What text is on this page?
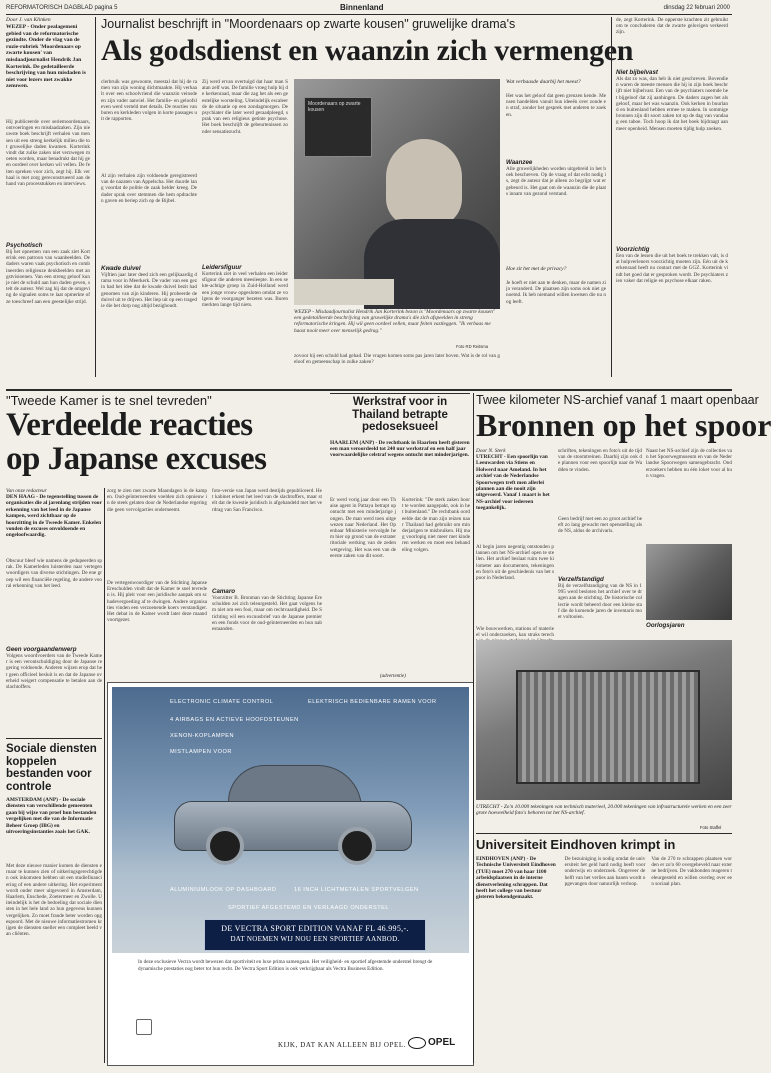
REFORMATORISCH DAGBLAD pagina 5	Binnenland	dinsdag 22 februari 2000
Door J. van Klinken
WEZEP - Onder pealagemeni gebied van de reformatorische gezindte. Onder de vlag van de ruzie-rubriek 'Moordenaars op zwarte kousen' van misdaadjournalist Hendrik Jan Korterink. De gedetailleerde beschrijving van hun misdaden is niet voor lezers met zwakke zenuwen.
Hij publiceerde over seriemoordenaars, ontvoeringen en misdaadzaken. Zijn nieuwste boek beschrijft verhalen van mensen uit een streng kerkelijk milieu die tot gruwelijke daden kwamen. Korterink vindt dat zulke zaken niet verzwegen moeten worden, maar benadrukt dat hij geen oordeel over kerken wil vellen. De feiten spreken voor zich, zegt hij. Elk verhaal is met zorg gereconstrueerd aan de hand van processtukken en interviews.
Psychotisch
Bij het opnemen van een zaak ziet Korterink een patroon van waanbeelden. De daders waren vaak psychotisch en combineerden religieuze denkbeelden met angstvisioenen. Van een streng geloof kun je niet de schuld aan hun daden geven, stelt de auteur. Wel zag hij dat de omgeving de signalen soms te laat opmerkte of ze toeschreef aan een geestelijke strijd.
Journalist beschrijft in "Moordenaars op zwarte kousen" gruwelijke drama's
Als godsdienst en waanzin zich vermengen
clerbruik was gewoonte, meestal dat hij de ramen van zijn woning dichtmaakte. Hij verhaalt over een schoolvriend die waanzin veinsde en zijn vader aanviel. Het familie- en geloofsleven werd verteld met details. De reacties van buren en kerkleden volgen in korte passages uit de rapporten.
Al zijn verhalen zijn voldoende geregistreerd van de nazaten van Appelscha. Het duurde lang voordat de politie de zaak helder kreeg. De dader sprak over stemmen die hem opdrachten gaven en beriep zich op de Bijbel.
Kwade duivel
Vijftien jaar later deed zich een gelijkaardig drama voor in Meerkerk. De vader van een gezin had het idee dat de kwade duivel bezit had genomen van zijn kinderen. Hij probeerde de duivel uit te drijven. Het liep uit op een tragedie die het dorp nog altijd bezighoudt.
Zij werd ervan overtuigd dat haar man Satan zelf was. De familie vroeg hulp bij de kerkenraad, maar die zag het als een geestelijke worsteling. Uiteindelijk escaleerde de situatie op een zondagmorgen. De psychiater die later werd geraadpleegd, sprak van een religieus getinte psychose. Het boek beschrijft de gebeurtenissen zonder sensatiezucht.
Leidersfiguur
Korterink ziet in veel verhalen een leidersfiguur die anderen meesleepte. In een sekte-achtige groep in Zuid-Holland werd een jonge vrouw opgesloten omdat ze volgens de voorganger bezeten was. Buren merkten lange tijd niets.
Moordenaars op zwarte kousen
WEZEP - Misdaadjournalist Hendrik Jan Korterink bezon is "Moordenaars op zwarte kousen" een gedetailleerde beschrijving van gruwelijke drama's die zich afspeelden in streng reformatorische kringen. Hij wil geen oordeel vellen, maar feiten vastleggen. "Ik verbaas me haast nooit meer over menselijk gedrag."
Foto RD Reitsma
zovoor hij een schuld had gehad. Die vragen komen soms pas jaren later boven. Wat is de rol van geloof en gemeenschap in zulke zaken?
Wat verbaasde daarbij het meest?
Het was het geloof dat geen grenzen kende. Mensen handelden vanuit hun ideeën over zonde en straf, zonder het gesprek met anderen te zoeken.
Waanzee
Alle gruwelijkheden worden uitgebreid in het boek beschreven. Op de vraag of dat echt nodig is, zegt de auteur dat je alleen zo begrijpt wat er gebeurd is. Het gaat om de waanzin die de plaats innam van gezond verstand.
Hoe zit het met de privacy?
Je hoeft er niet aan te denken, maar de namen zijn veranderd. De plaatsen zijn soms ook niet genoemd. Ik heb niemand willen kwetsen die nu nog leeft.
de, zegt Korterink. De opperste krachten zit gebruikt om te concluderen dat de zwarte gelovigen verkeerd zijn.
Niet bijbelvast
Als dat zo was, dan heb ik niet geschreven. Bovendien waren de meeste mensen die hij in zijn boek beschrijft niet bijbelvast. Een van de psychiaters noemde het bijgeloof dat zij aanhingen. De daders zagen het als geloof, maar het was waanzin. Ook kerken in buurland en buitenland hebben ermee te maken. In sommige bronnen zijn dit soort zaken tot op de dag van vandaag een taboe. Toch hoop ik dat het boek bijdraagt aan meer openheid. Mensen moeten tijdig hulp zoeken.
Voorzichtig
Een van de lessen die uit het boek te trekken valt, is dat hulpverleners voorzichtig moeten zijn. Eén uit de kerkenraad heeft nu contact met de GGZ. Korterink vindt het goed dat er gesproken wordt. De psychiaters zien vaker dat religie en psychose elkaar raken.
"Tweede Kamer is te snel tevreden"
Verdeelde reacties
op Japanse excuses
Van onze redacteur
DEN HAAG - De tegenstelling tussen de organisaties die al jarenlang strijden voor erkenning van het leed in de Japanse kampen, werd zichtbaar op de hoorzitting in de Tweede Kamer. Enkelen vonden de excuses onvoldoende en ongeloofwaardig.
Obscuur bleef wie namens de gedupeerden sprak. De Kamerleden luisterden naar vertegenwoordigers van diverse stichtingen. De ene groep wil een financiële regeling, de andere vooral erkenning van het leed.
Geen voorgaandenwerp
Volgens woordvoerders van de Tweede Kamer is een verontschuldiging door de Japanse regering voldoende. Anderen wijzen erop dat het geen officieel besluit is en dat de Japanse overheid weigert compensatie te betalen aan de slachtoffers.
zorg te zien met zwarte Maandagen in de kampen. Oud-geïnterneerden voelden zich opnieuw in de steek gelaten door de Nederlandse regering die geen vervolgacties onderneemt.
De vertegenwoordiger van de Stichting Japanse Ereschulden vindt dat de Kamer te snel tevreden is. Hij pleit voor een juridische aanpak om schadevergoeding af te dwingen. Andere organisaties vinden een verzoenende koers verstandiger. Het debat in de Kamer wordt later deze maand voortgezet.
foto-versie van Japan werd destijds gepubliceerd. Het kabinet erkent het leed van de slachtoffers, maar stelt dat de kwestie juridisch is afgehandeld met het verdrag van San Francisco.
Camaro
Voorzitter B. Bronman van de Stichting Japanse Ereschulden zei zich teleurgesteld. Het gaat volgens hem niet om een fooi, maar om rechtvaardigheid. De Stichting wil een excuusbrief van de Japanse premier en een fonds voor de oud-geïnterneerden en hun nabestaanden.
Werkstraf voor in Thailand betrapte pedoseksueel
HAARLEM (ANP) - De rechtbank in Haarlem heeft gisteren een man veroordeeld tot 240 uur werkstraf en een half jaar voorwaardelijke celstraf wegens ontucht met minderjarigen.
Er werd vorig jaar door een Thaise agent in Pattaya betrapt op ontucht met een minderjarige jongen. De man werd toen uitgewezen naar Nederland. Het Openbaar Ministerie vervolgde hem hier op grond van de extraterritoriale werking van de zedenwetgeving. Het was een van de eerste zaken van dit soort.
Korterink: "De sterk zaken hoort te worden aangepakt, ook in het buitenland." De rechtbank oordeelde dat de man zijn reizen naar Thailand had gebruikt om minderjarigen te misbruiken. Hij mag voorlopig niet meer met kinderen werken en moet een behandeling volgen.
Twee kilometer NS-archief vanaf 1 maart openbaar
Bronnen op het spoor
Door N. Sterk
UTRECHT - Een spoorlijn van Leeuwarden via Stiens en Holwerd naar Ameland. In het archief van de Nederlandse Spoorwegen treft men allerlei plannen aan die nooit zijn uitgevoerd. Vanaf 1 maart is het NS-archief voor iedereen toegankelijk.
Al begin jaren negentig ontstonden plannen om het NS-archief open te stellen. Het archief beslaat ruim twee kilometer aan documenten, tekeningen en foto's uit de geschiedenis van het spoor in Nederland.
Wie bouwwerken, stations of materieel wil onderzoeken, kan straks terech
schriften, tekeningen en foto's uit de tijd van de stoomtreinen. Daarbij zijn ook de plannen voor een spoorlijn naar de Wadden te vinden.
Geen bedrijf met een zo groot archief heeft zo lang gewacht met openstelling als de NS, aldus de archivaris.
Verzelfstandigd
Bij de verzelfstandiging van de NS in 1995 werd besloten het archief over te dragen aan de stichting. De historische collectie wordt beheerd door een kleine staf die de komende jaren de inventaris moet voltooien.
Naast het NS-archief zijn de collecties van het Spoorwegmuseum en van de Nederlandse Spoorwegen samengebracht. Onderzoekers hebben nu één loket voor al hun vragen.
Oorlogsjaren
UTRECHT - Zo'n 10.000 tekeningen van technisch materieel, 20.000 tekeningen van infrastructurele werken en een zeer grote hoeveelheid foto's behoren tot het NS-archief.
Foto Staffel
Universiteit Eindhoven krimpt in
EINDHOVEN (ANP) - De Technische Universiteit Eindhoven (TUE) moet 270 van haar 1100 arbeidsplaatsen in de interne dienstverlening schrappen. Dat heeft het college van bestuur gisteren bekendgemaakt.
De bezuiniging is nodig omdat de universiteit het geld hard nodig heeft voor onderwijs en onderzoek. Ongeveer de helft van het verlies aan banen wordt opgevangen door natuurlijk verloop.
Van de 270 te schrappen plaatsen worden er zo'n 60 overgeheveld naar externe bedrijven. De vakbonden reageren teleurgesteld en willen overleg over een sociaal plan.
Sociale diensten koppelen bestanden voor controle
AMSTERDAM (ANP) - De sociale diensten van verschillende gemeenten gaan bij wijze van proef hun bestanden vergelijken met die van de Informatie Beheer Groep (IBG) en uitvoeringsinstanties zoals het GAK.
Met deze nieuwe manier komen de diensten ernaar te kunnen zien of uitkeringsgerechtigden ook inkomsten hebben uit een studiefinanciering of een andere uitkering. Het experiment wordt onder meer uitgevoerd in Amsterdam, Haarlem, Enschede, Zoetermeer en Zwolle. Uiteindelijk is het de bedoeling dat sociale diensten in het hele land zo hun gegevens kunnen vergelijken. Zo moet fraude beter worden opgespoord. Met de nieuwe informatiestromen krijgen de diensten sneller een compleet beeld van cliënten.
(advertentie)
ELECTRONIC CLIMATE CONTROL	ELEKTRISCH BEDIENBARE RAMEN VOOR
4 AIRBAGS EN ACTIEVE HOOFDSTEUNEN
XENON-KOPLAMPEN
MISTLAMPEN VOOR
ALUMINIUMLOOK OP DASHBOARD	16 INCH LICHTMETALEN SPORTVELGEN
SPORTIEF AFGESTEMD EN VERLAAGD ONDERSTEL
DE VECTRA SPORT EDITION VANAF FL 46.995,-.
DAT NOEMEN WIJ NOU EEN SPORTIEF AANBOD.
In deze exclusieve Vectra wordt bewezen dat sportiviteit en luxe prima samengaan. Het veiligheid- en sportief afgestemde onderstel brengt de dynamische prestaties nog beter tot hun recht. De Vectra Sport Edition is ook verkrijgbaar als Vectra Business Edition.
KIJK, DAT KAN ALLEEN BIJ OPEL. OPEL
